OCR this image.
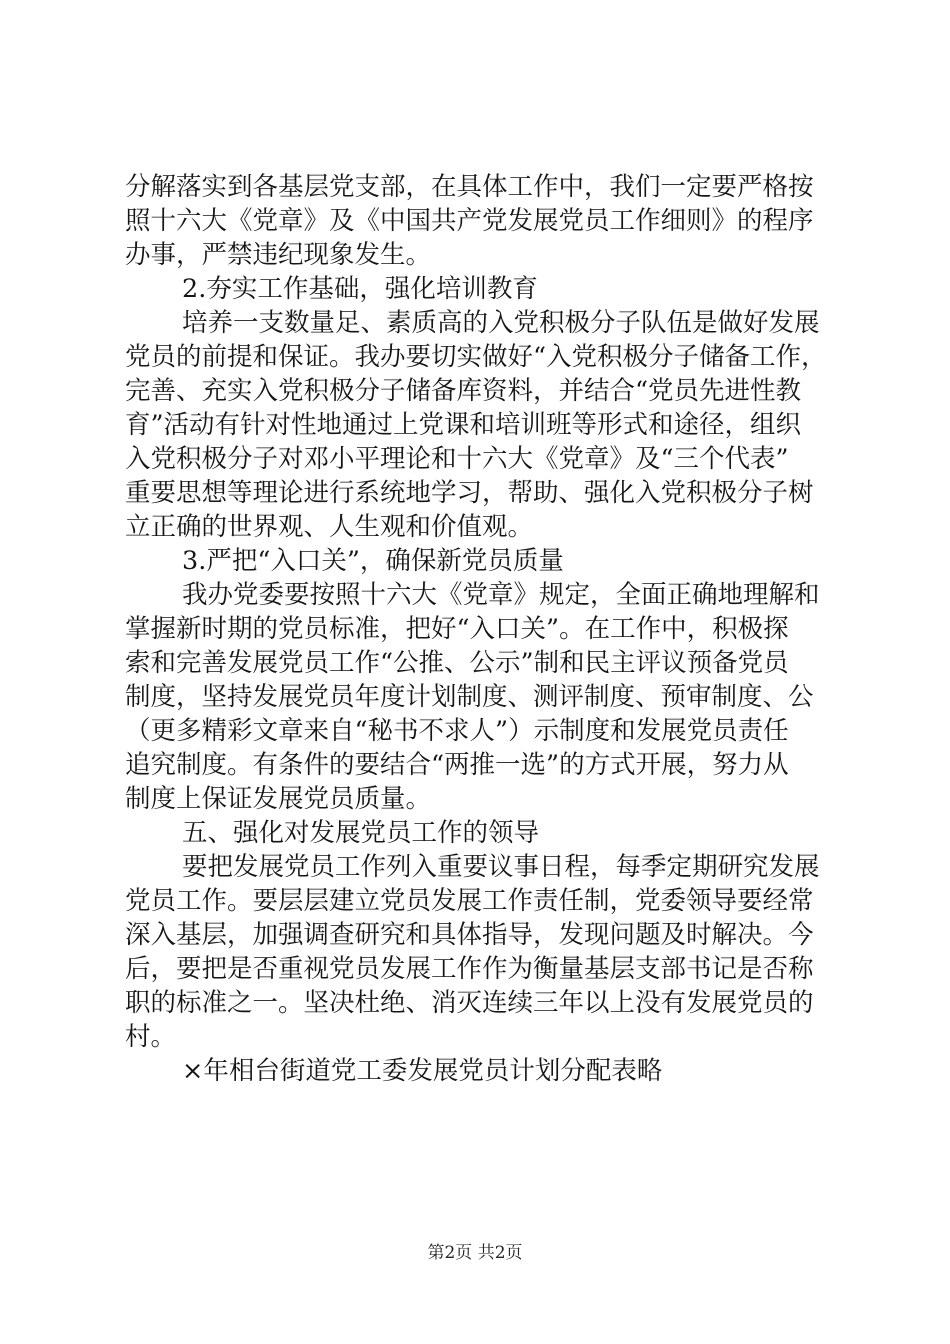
分解落实到各基层党支部，在具体工作中，我们一定要严格按
照十六大《党章》及《中国共产党发展党员工作细则》的程序
办事，严禁违纪现象发生。
2.夯实工作基础，强化培训教育
培养一支数量足、素质高的入党积极分子队伍是做好发展
党员的前提和保证。我办要切实做好“入党积极分子储备工作，
完善、充实入党积极分子储备库资料，并结合“党员先进性教
育”活动有针对性地通过上党课和培训班等形式和途径，组织
入党积极分子对邓小平理论和十六大《党章》及“三个代表”
重要思想等理论进行系统地学习，帮助、强化入党积极分子树
立正确的世界观、人生观和价值观。
3.严把“入口关”，确保新党员质量
我办党委要按照十六大《党章》规定，全面正确地理解和
掌握新时期的党员标准，把好“入口关”。在工作中，积极探
索和完善发展党员工作“公推、公示”制和民主评议预备党员
制度，坚持发展党员年度计划制度、测评制度、预审制度、公
（更多精彩文章来自“秘书不求人”）示制度和发展党员责任
追究制度。有条件的要结合“两推一选”的方式开展，努力从
制度上保证发展党员质量。
五、强化对发展党员工作的领导
要把发展党员工作列入重要议事日程，每季定期研究发展
党员工作。要层层建立党员发展工作责任制，党委领导要经常
深入基层，加强调查研究和具体指导，发现问题及时解决。今
后，要把是否重视党员发展工作作为衡量基层支部书记是否称
职的标准之一。坚决杜绝、消灭连续三年以上没有发展党员的
村。
×年相台街道党工委发展党员计划分配表略
第2页 共2页
